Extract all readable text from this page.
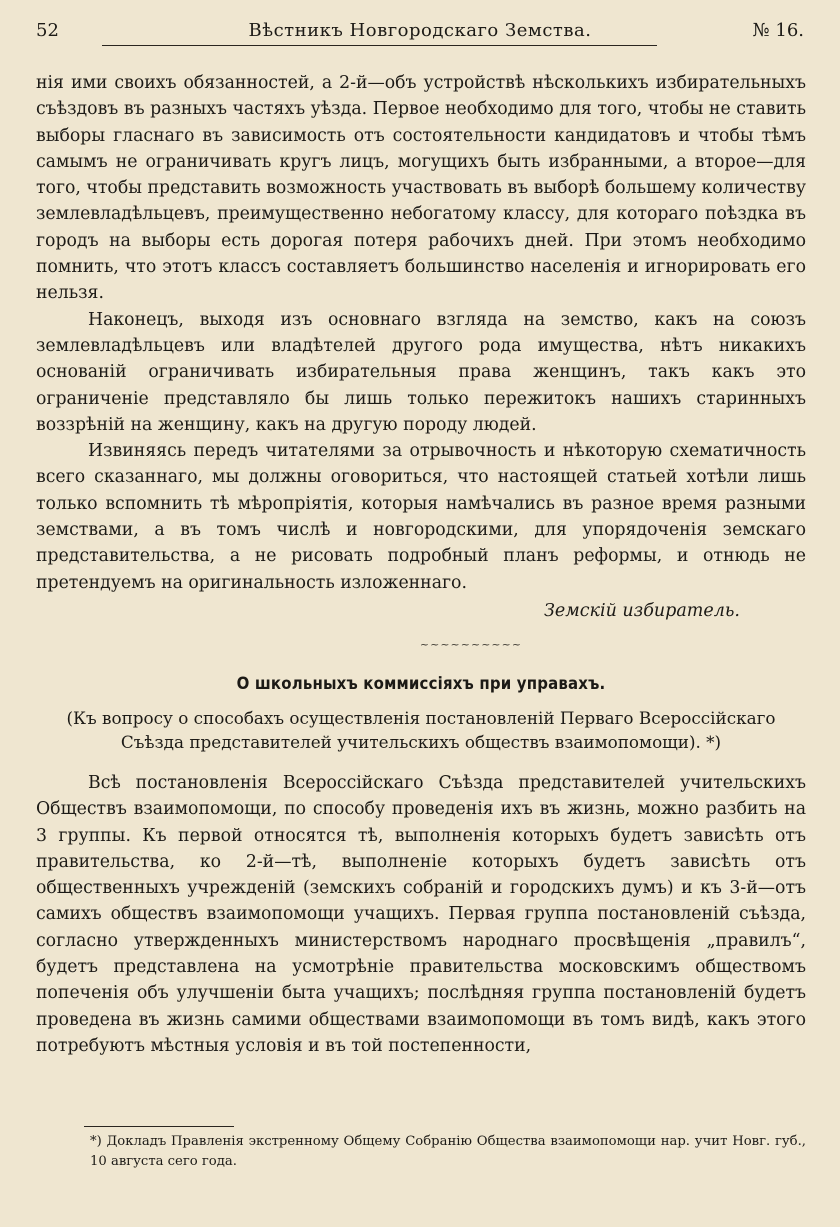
52	Вѣстникъ Новгородскаго Земства.	№ 16.

нія ими своихъ обязанностей, а 2-й—объ устройствѣ нѣсколькихъ избирательныхъ съѣздовъ въ разныхъ частяхъ уѣзда. Первое необходимо для того, чтобы не ставить выборы гласнаго въ зависимость отъ состоятельности кандидатовъ и чтобы тѣмъ самымъ не ограничивать кругъ лицъ, могущихъ быть избранными, а второе—для того, чтобы представить возможность участвовать въ выборѣ большему количеству землевладѣльцевъ, преимущественно небогатому классу, для котораго поѣздка въ городъ на выборы есть дорогая потеря рабочихъ дней. При этомъ необходимо помнить, что этотъ классъ составляетъ большинство населенія и игнорировать его нельзя.

Наконецъ, выходя изъ основнаго взгляда на земство, какъ на союзъ землевладѣльцевъ или владѣтелей другого рода имущества, нѣтъ никакихъ основаній ограничивать избирательныя права женщинъ, такъ какъ это ограниченіе представляло бы лишь только пережитокъ нашихъ старинныхъ воззрѣній на женщину, какъ на другую породу людей.

Извиняясь передъ читателями за отрывочность и нѣкоторую схематичность всего сказаннаго, мы должны оговориться, что настоящей статьей хотѣли лишь только вспомнить тѣ мѣропріятія, которыя намѣчались въ разное время разными земствами, а въ томъ числѣ и новгородскими, для упорядоченія земскаго представительства, а не рисовать подробный планъ реформы, и отнюдь не претендуемъ на оригинальность изложеннаго.

Земскій избиратель.
~~~~~~~~~~
О школьныхъ коммиссіяхъ при управахъ.
(Къ вопросу о способахъ осуществленія постановленій Перваго Всероссійскаго Съѣзда представителей учительскихъ обществъ взаимопомощи). *)

Всѣ постановленія Всероссійскаго Съѣзда представителей учительскихъ Обществъ взаимопомощи, по способу проведенія ихъ въ жизнь, можно разбить на 3 группы. Къ первой относятся тѣ, выполненія которыхъ будетъ зависѣть отъ правительства, ко 2-й—тѣ, выполненіе которыхъ будетъ зависѣть отъ общественныхъ учрежденій (земскихъ собраній и городскихъ думъ) и къ 3-й—отъ самихъ обществъ взаимопомощи учащихъ. Первая группа постановленій съѣзда, согласно утвержденныхъ министерствомъ народнаго просвѣщенія „правилъ“, будетъ представлена на усмотрѣніе правительства московскимъ обществомъ попеченія объ улучшеніи быта учащихъ; послѣдняя группа постановленій будетъ проведена въ жизнь самими обществами взаимопомощи въ томъ видѣ, какъ этого потребуютъ мѣстныя условія и въ той постепенности,

*) Докладъ Правленія экстренному Общему Собранію Общества взаимопомощи нар. учит Новг. губ., 10 августа сего года.
